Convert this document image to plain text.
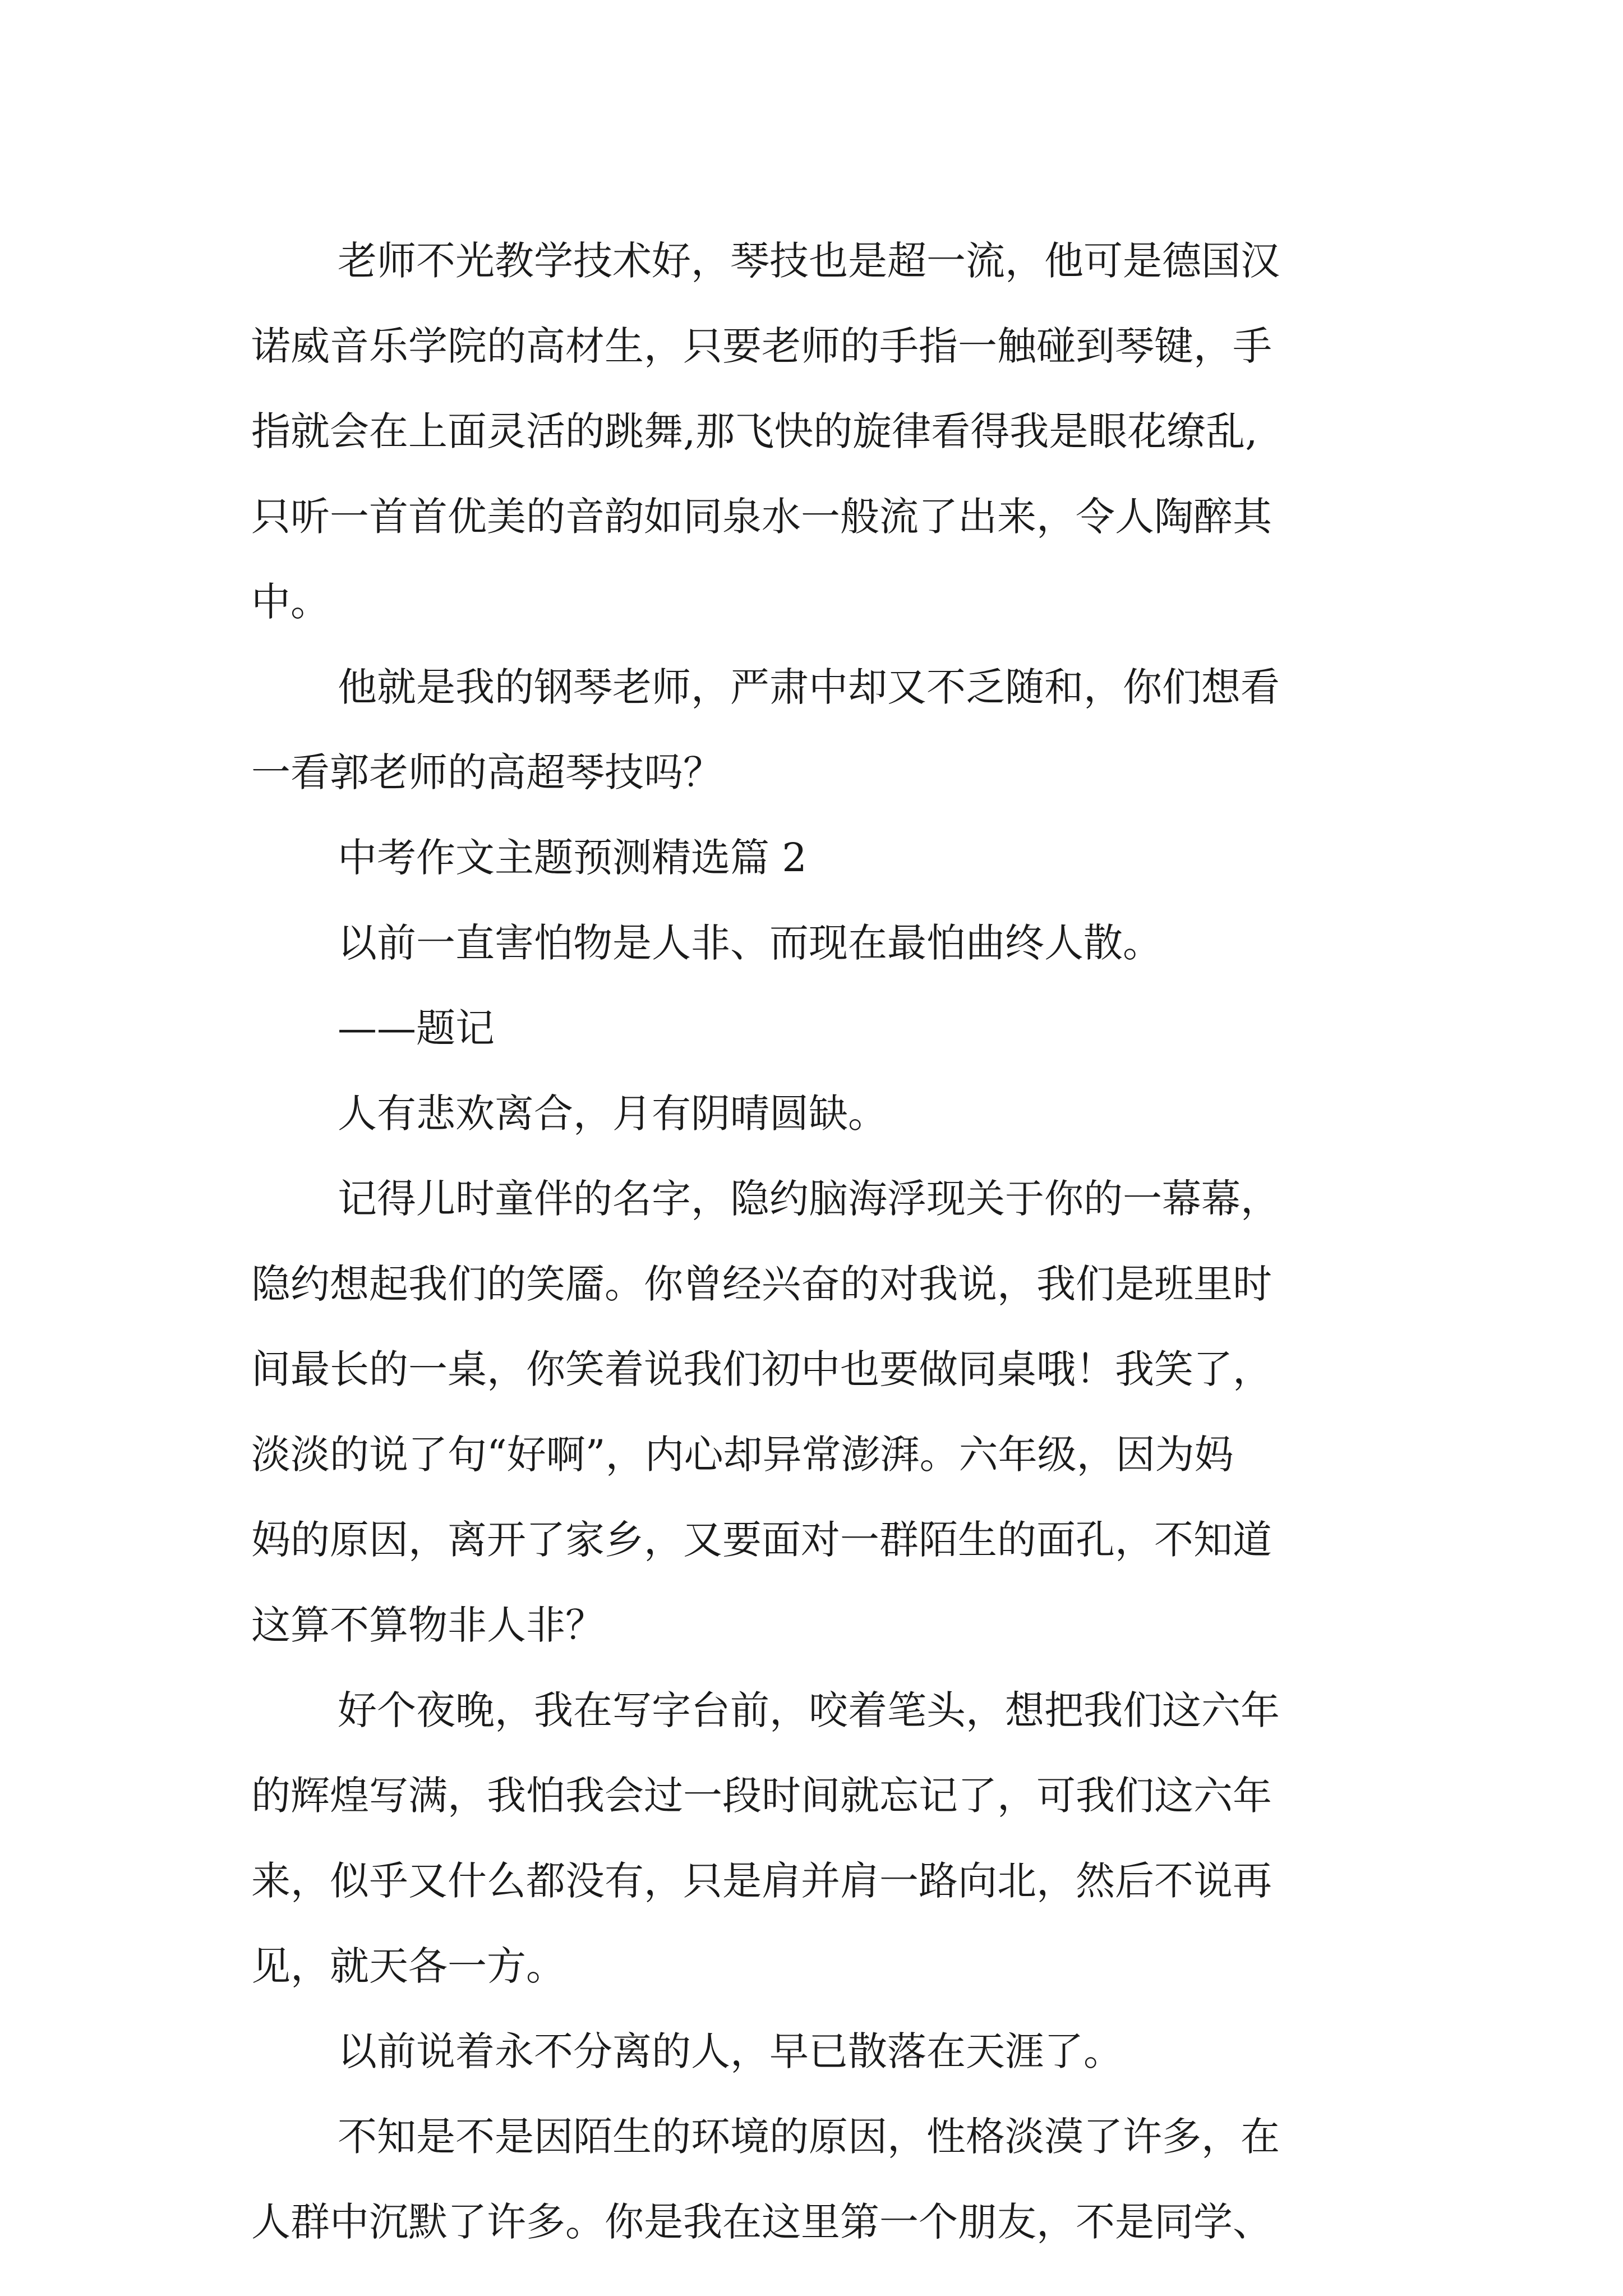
老师不光教学技术好，琴技也是超一流，他可是德国汉

诺威音乐学院的高材生，只要老师的手指一触碰到琴键，手

指就会在上面灵活的跳舞,那飞快的旋律看得我是眼花缭乱,

只听一首首优美的音韵如同泉水一般流了出来，令人陶醉其

中。

他就是我的钢琴老师，严肃中却又不乏随和，你们想看

一看郭老师的高超琴技吗？

中考作文主题预测精选篇 2

以前一直害怕物是人非、而现在最怕曲终人散。

——题记

人有悲欢离合，月有阴晴圆缺。

记得儿时童伴的名字，隐约脑海浮现关于你的一幕幕，

隐约想起我们的笑靥。你曾经兴奋的对我说，我们是班里时

间最长的一桌，你笑着说我们初中也要做同桌哦！我笑了，

淡淡的说了句“好啊”，内心却异常澎湃。六年级，因为妈

妈的原因，离开了家乡，又要面对一群陌生的面孔，不知道

这算不算物非人非？

好个夜晚，我在写字台前，咬着笔头，想把我们这六年

的辉煌写满，我怕我会过一段时间就忘记了，可我们这六年

来，似乎又什么都没有，只是肩并肩一路向北，然后不说再

见，就天各一方。

以前说着永不分离的人，早已散落在天涯了。

不知是不是因陌生的环境的原因，性格淡漠了许多，在

人群中沉默了许多。你是我在这里第一个朋友，不是同学、
